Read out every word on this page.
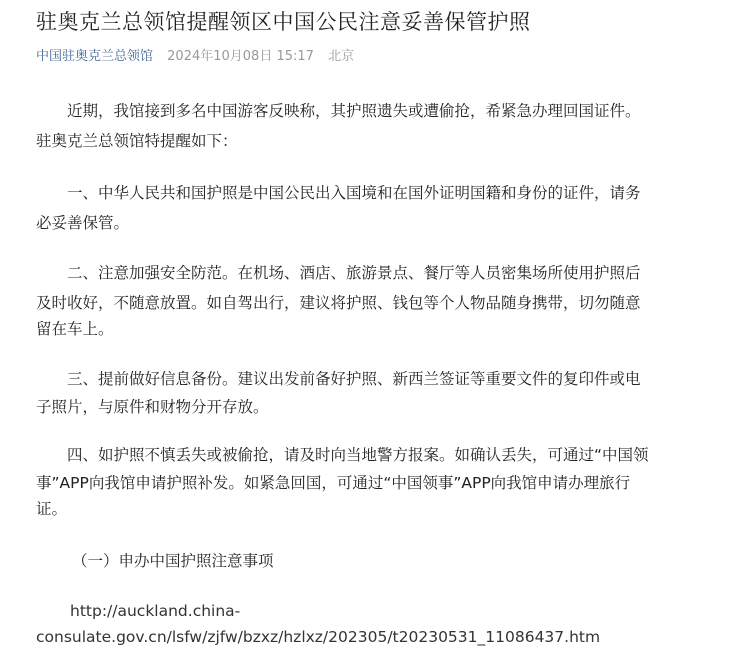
驻奥克兰总领馆提醒领区中国公民注意妥善保管护照
中国驻奥克兰总领馆 2024年10月08日 15:17 北京

近期，我馆接到多名中国游客反映称，其护照遗失或遭偷抢，希紧急办理回国证件。

驻奥克兰总领馆特提醒如下：

一、中华人民共和国护照是中国公民出入国境和在国外证明国籍和身份的证件，请务

必妥善保管。

二、注意加强安全防范。在机场、酒店、旅游景点、餐厅等人员密集场所使用护照后

及时收好，不随意放置。如自驾出行，建议将护照、钱包等个人物品随身携带，切勿随意

留在车上。

三、提前做好信息备份。建议出发前备好护照、新西兰签证等重要文件的复印件或电

子照片，与原件和财物分开存放。

四、如护照不慎丢失或被偷抢，请及时向当地警方报案。如确认丢失，可通过“中国领

事”APP向我馆申请护照补发。如紧急回国，可通过“中国领事”APP向我馆申请办理旅行

证。

（一）申办中国护照注意事项

http://auckland.china-

consulate.gov.cn/lsfw/zjfw/bzxz/hzlxz/202305/t20230531_11086437.htm
